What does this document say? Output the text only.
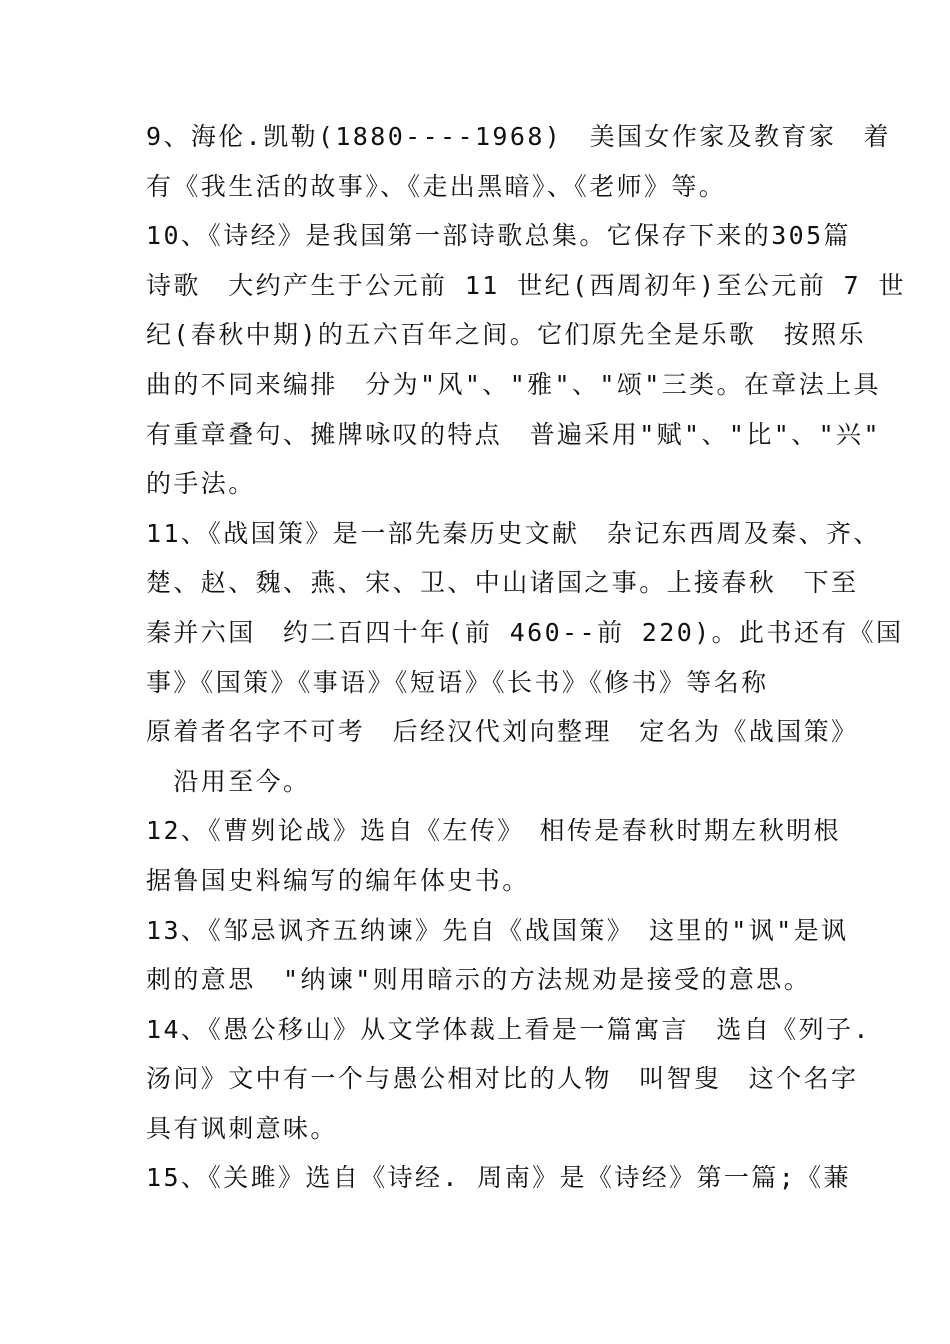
9、海伦.凯勒(1880----1968)　美国女作家及教育家　着
有《我生活的故事》、《走出黑暗》、《老师》等。
10、《诗经》是我国第一部诗歌总集。它保存下来的305篇
诗歌　大约产生于公元前 11 世纪(西周初年)至公元前 7 世
纪(春秋中期)的五六百年之间。它们原先全是乐歌　按照乐
曲的不同来编排　分为"风"、"雅"、"颂"三类。在章法上具
有重章叠句、摊牌咏叹的特点　普遍采用"赋"、"比"、"兴"
的手法。
11、《战国策》是一部先秦历史文献　杂记东西周及秦、齐、
楚、赵、魏、燕、宋、卫、中山诸国之事。上接春秋　下至
秦并六国　约二百四十年(前 460--前 220)。此书还有《国
事》《国策》《事语》《短语》《长书》《修书》等名称
原着者名字不可考　后经汉代刘向整理　定名为《战国策》
　沿用至今。
12、《曹刿论战》选自《左传》　相传是春秋时期左秋明根
据鲁国史料编写的编年体史书。
13、《邹忌讽齐五纳谏》先自《战国策》　这里的"讽"是讽
刺的意思　"纳谏"则用暗示的方法规劝是接受的意思。
14、《愚公移山》从文学体裁上看是一篇寓言　选自《列子.
汤问》文中有一个与愚公相对比的人物　叫智叟　这个名字
具有讽刺意味。
15、《关雎》选自《诗经. 周南》是《诗经》第一篇;《蒹
